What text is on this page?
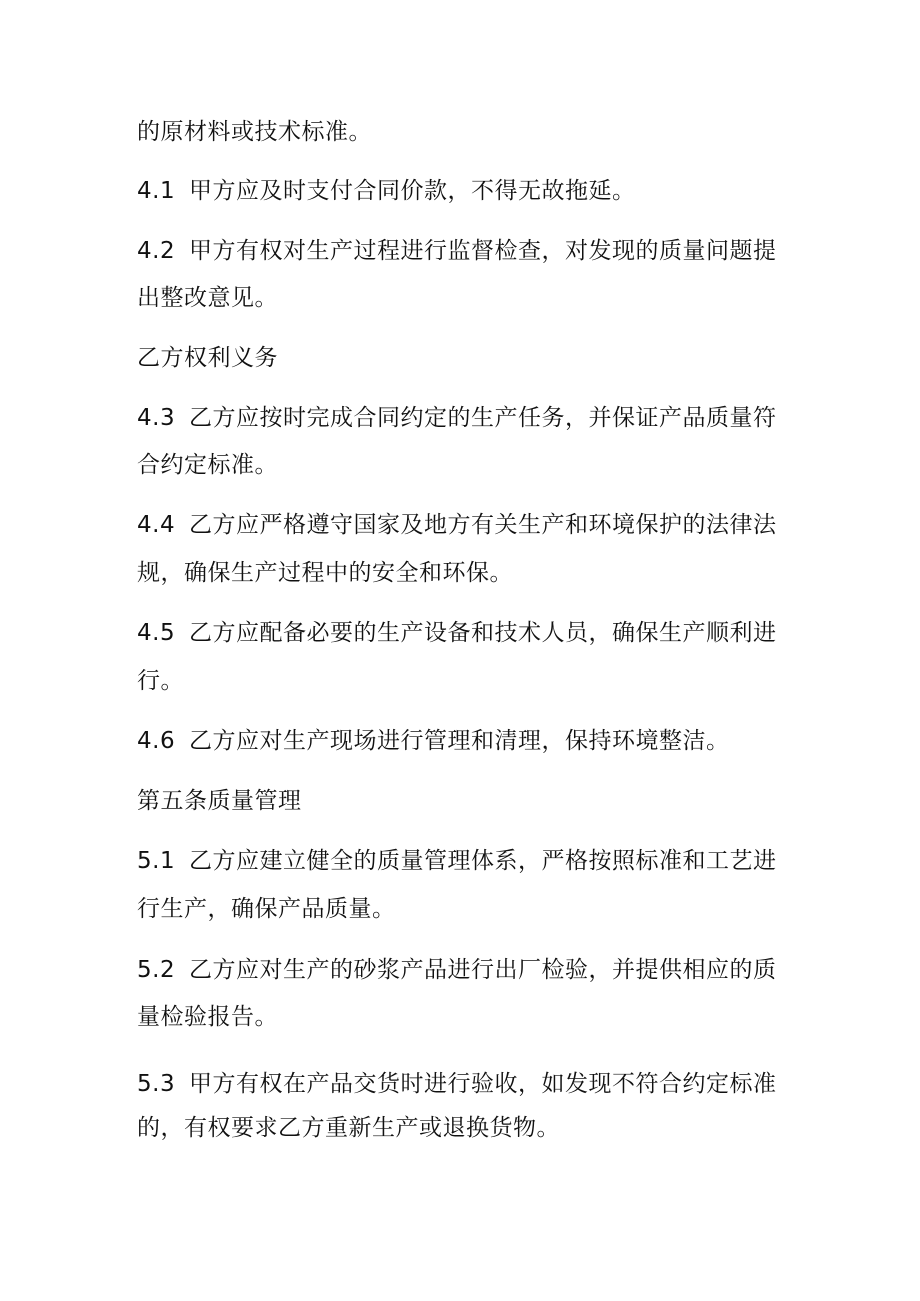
的原材料或技术标准。
4.1 甲方应及时支付合同价款，不得无故拖延。
4.2 甲方有权对生产过程进行监督检查，对发现的质量问题提
出整改意见。
乙方权利义务
4.3 乙方应按时完成合同约定的生产任务，并保证产品质量符
合约定标准。
4.4 乙方应严格遵守国家及地方有关生产和环境保护的法律法
规，确保生产过程中的安全和环保。
4.5 乙方应配备必要的生产设备和技术人员，确保生产顺利进
行。
4.6 乙方应对生产现场进行管理和清理，保持环境整洁。
第五条质量管理
5.1 乙方应建立健全的质量管理体系，严格按照标准和工艺进
行生产，确保产品质量。
5.2 乙方应对生产的砂浆产品进行出厂检验，并提供相应的质
量检验报告。
5.3 甲方有权在产品交货时进行验收，如发现不符合约定标准
的，有权要求乙方重新生产或退换货物。
